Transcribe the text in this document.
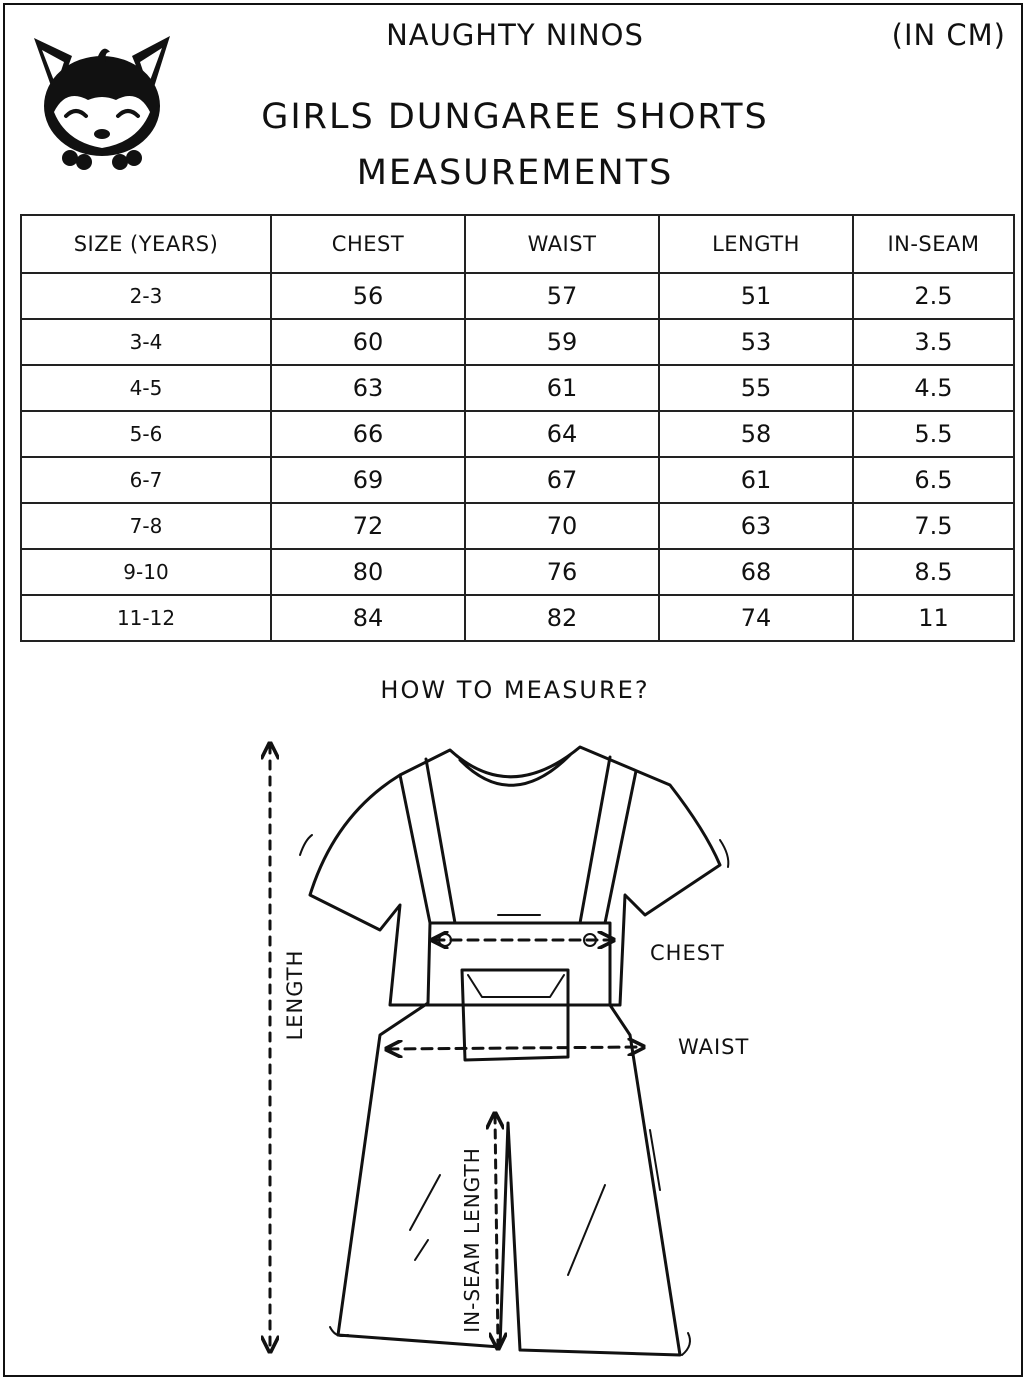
NAUGHTY NINOS	(IN CM)
GIRLS DUNGAREE SHORTS
MEASUREMENTS
SIZE (YEARS)	CHEST	WAIST	LENGTH	IN-SEAM
2-3	56	57	51	2.5
3-4	60	59	53	3.5
4-5	63	61	55	4.5
5-6	66	64	58	5.5
6-7	69	67	61	6.5
7-8	72	70	63	7.5
9-10	80	76	68	8.5
11-12	84	82	74	11
HOW TO MEASURE?
CHEST
WAIST
LENGTH
IN-SEAM LENGTH
